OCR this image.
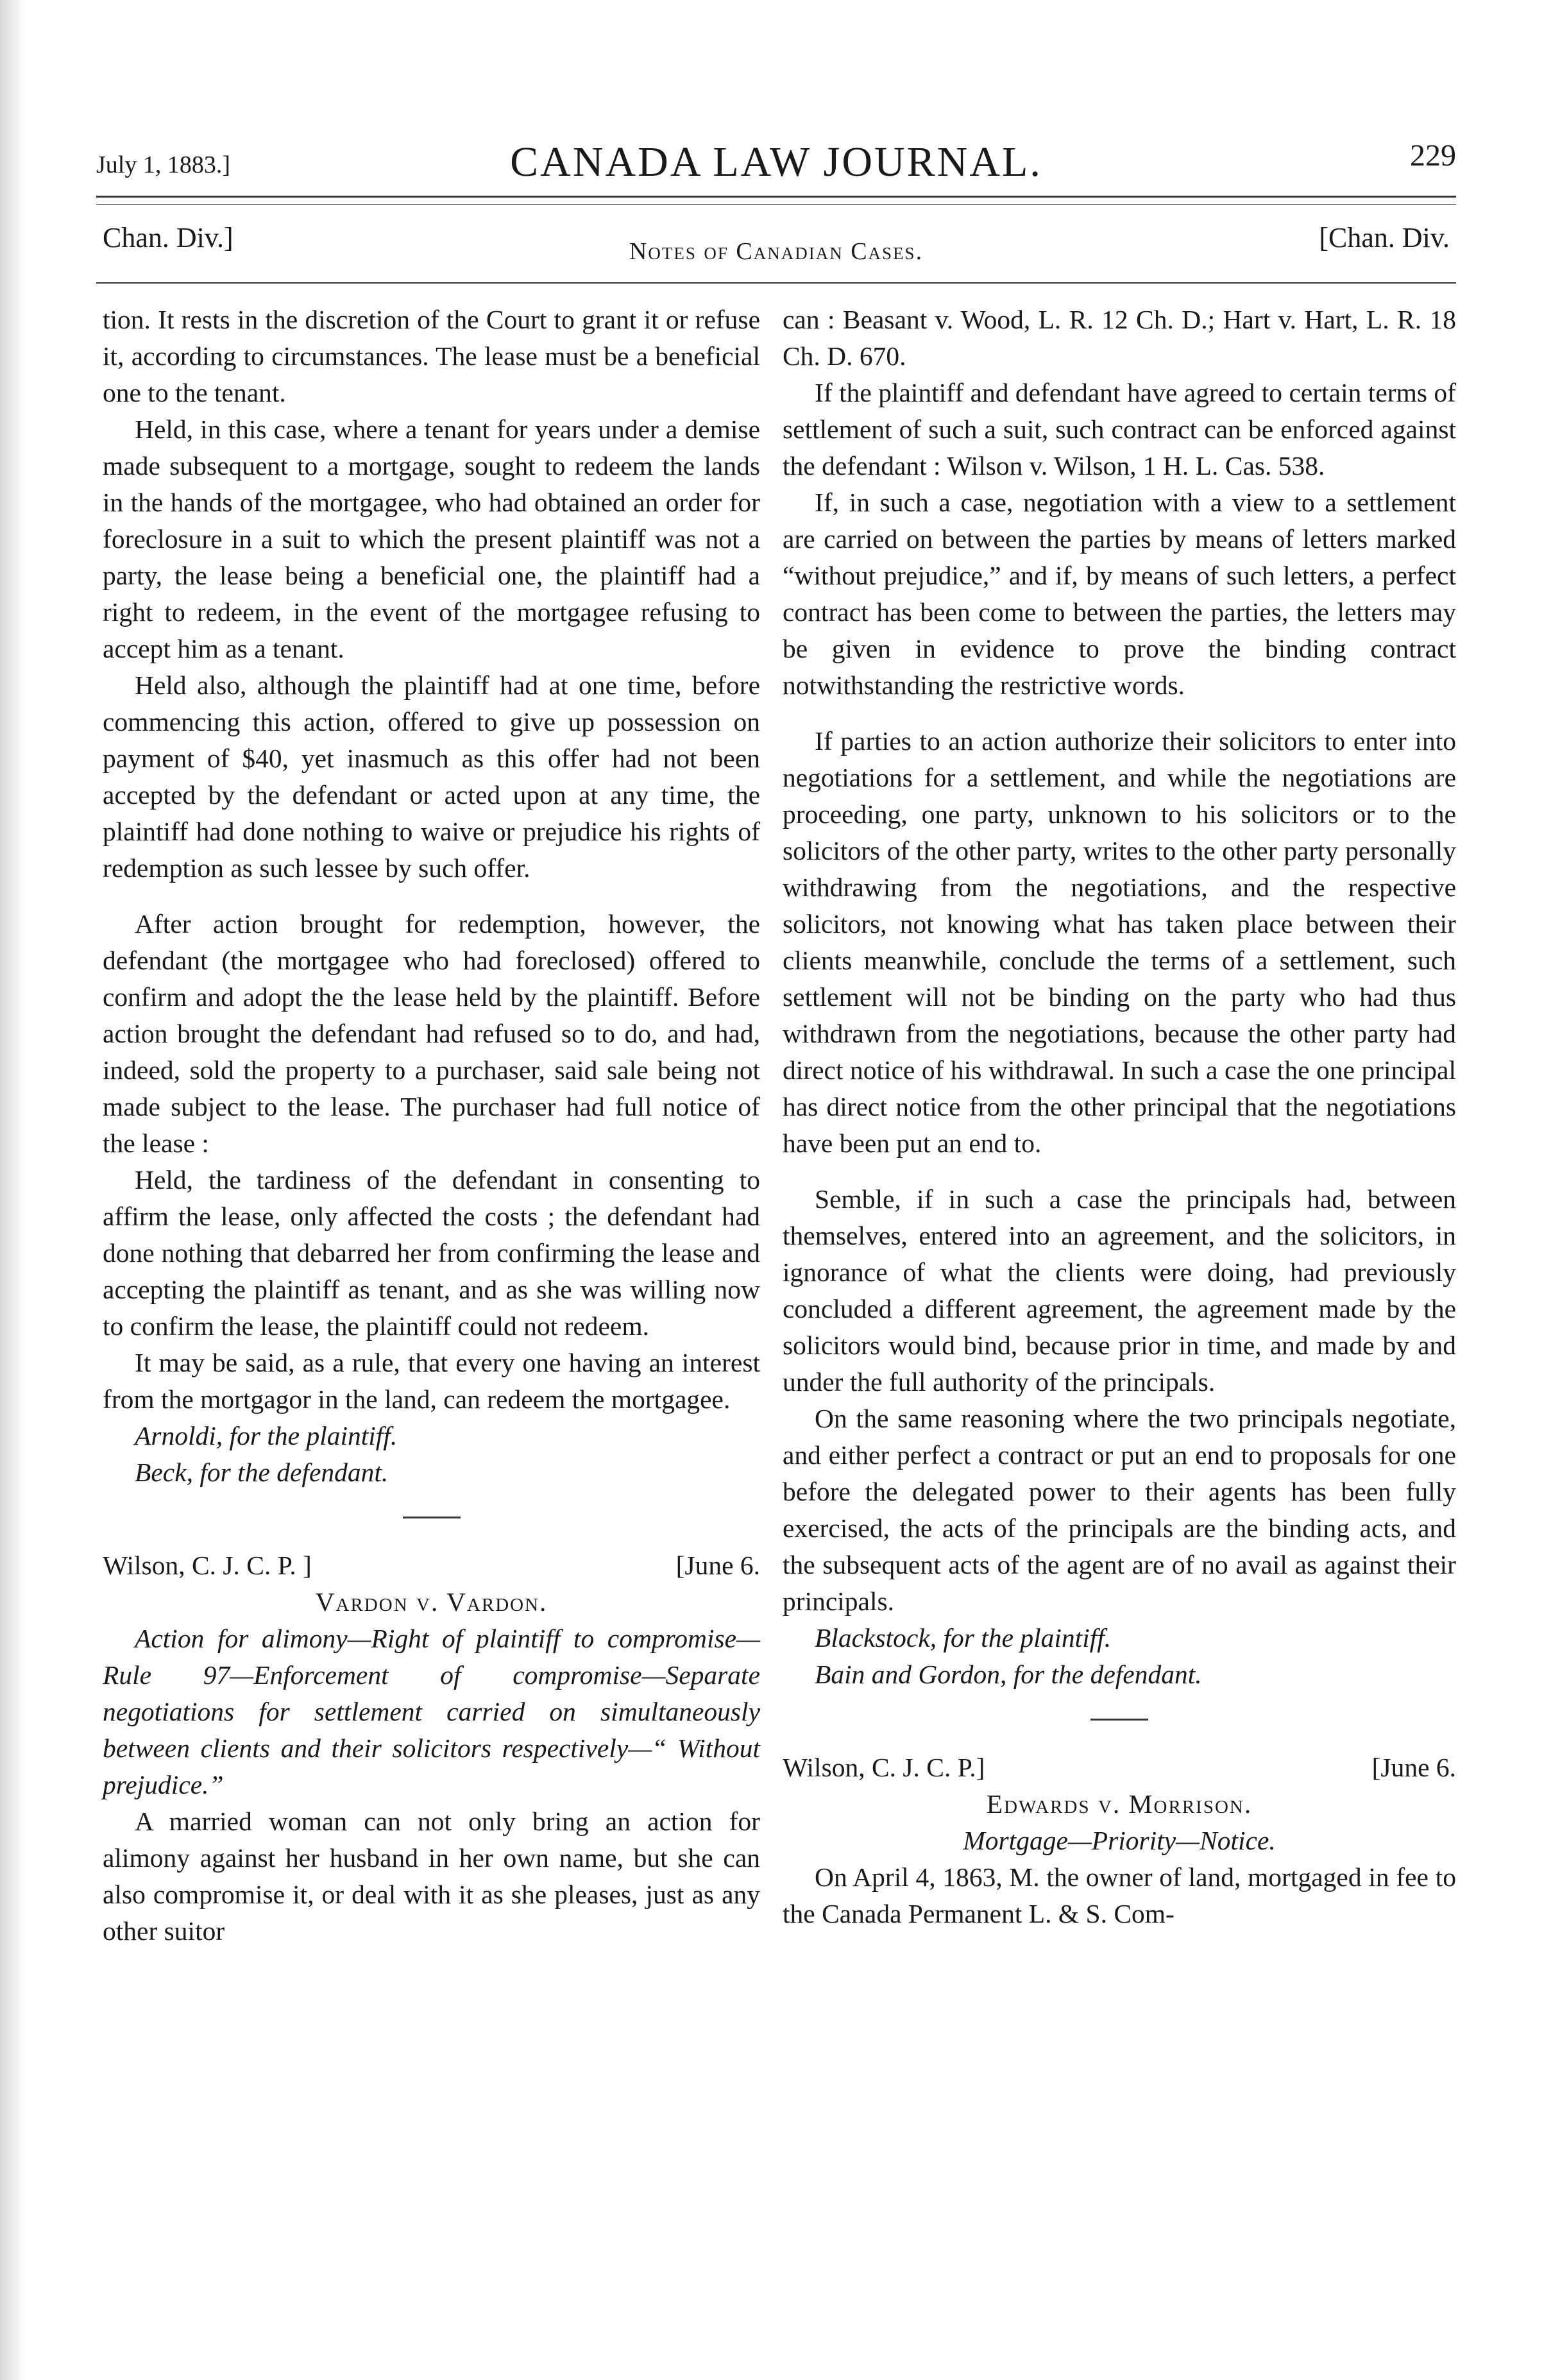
July 1, 1883.]	CANADA LAW JOURNAL.	229
Chan. Div.]	Notes of Canadian Cases.	[Chan. Div.

tion. It rests in the discretion of the Court to grant it or refuse it, according to circumstances. The lease must be a beneficial one to the tenant.

Held, in this case, where a tenant for years under a demise made subsequent to a mortgage, sought to redeem the lands in the hands of the mortgagee, who had obtained an order for foreclosure in a suit to which the present plaintiff was not a party, the lease being a beneficial one, the plaintiff had a right to redeem, in the event of the mortgagee refusing to accept him as a tenant.

Held also, although the plaintiff had at one time, before commencing this action, offered to give up possession on payment of $40, yet inasmuch as this offer had not been accepted by the defendant or acted upon at any time, the plaintiff had done nothing to waive or prejudice his rights of redemption as such lessee by such offer.

After action brought for redemption, however, the defendant (the mortgagee who had foreclosed) offered to confirm and adopt the the lease held by the plaintiff. Before action brought the defendant had refused so to do, and had, indeed, sold the property to a purchaser, said sale being not made subject to the lease. The purchaser had full notice of the lease :

Held, the tardiness of the defendant in consenting to affirm the lease, only affected the costs ; the defendant had done nothing that debarred her from confirming the lease and accepting the plaintiff as tenant, and as she was willing now to confirm the lease, the plaintiff could not redeem.

It may be said, as a rule, that every one having an interest from the mortgagor in the land, can redeem the mortgagee.

Arnoldi, for the plaintiff.

Beck, for the defendant.

Wilson, C. J. C. P. ]	[June 6.
Vardon v. Vardon.

Action for alimony—Right of plaintiff to compromise—Rule 97—Enforcement of compromise—Separate negotiations for settlement carried on simultaneously between clients and their solicitors respectively—“ Without prejudice.”

A married woman can not only bring an action for alimony against her husband in her own name, but she can also compromise it, or deal with it as she pleases, just as any other suitor

can : Beasant v. Wood, L. R. 12 Ch. D.; Hart v. Hart, L. R. 18 Ch. D. 670.

If the plaintiff and defendant have agreed to certain terms of settlement of such a suit, such contract can be enforced against the defendant : Wilson v. Wilson, 1 H. L. Cas. 538.

If, in such a case, negotiation with a view to a settlement are carried on between the parties by means of letters marked “without prejudice,” and if, by means of such letters, a perfect contract has been come to between the parties, the letters may be given in evidence to prove the binding contract notwithstanding the restrictive words.

If parties to an action authorize their solicitors to enter into negotiations for a settlement, and while the negotiations are proceeding, one party, unknown to his solicitors or to the solicitors of the other party, writes to the other party personally withdrawing from the negotiations, and the respective solicitors, not knowing what has taken place between their clients meanwhile, conclude the terms of a settlement, such settlement will not be binding on the party who had thus withdrawn from the negotiations, because the other party had direct notice of his withdrawal. In such a case the one principal has direct notice from the other principal that the negotiations have been put an end to.

Semble, if in such a case the principals had, between themselves, entered into an agreement, and the solicitors, in ignorance of what the clients were doing, had previously concluded a different agreement, the agreement made by the solicitors would bind, because prior in time, and made by and under the full authority of the principals.

On the same reasoning where the two principals negotiate, and either perfect a contract or put an end to proposals for one before the delegated power to their agents has been fully exercised, the acts of the principals are the binding acts, and the subsequent acts of the agent are of no avail as against their principals.

Blackstock, for the plaintiff.

Bain and Gordon, for the defendant.

Wilson, C. J. C. P.]	[June 6.
Edwards v. Morrison.
Mortgage—Priority—Notice.

On April 4, 1863, M. the owner of land, mortgaged in fee to the Canada Permanent L. & S. Com-
